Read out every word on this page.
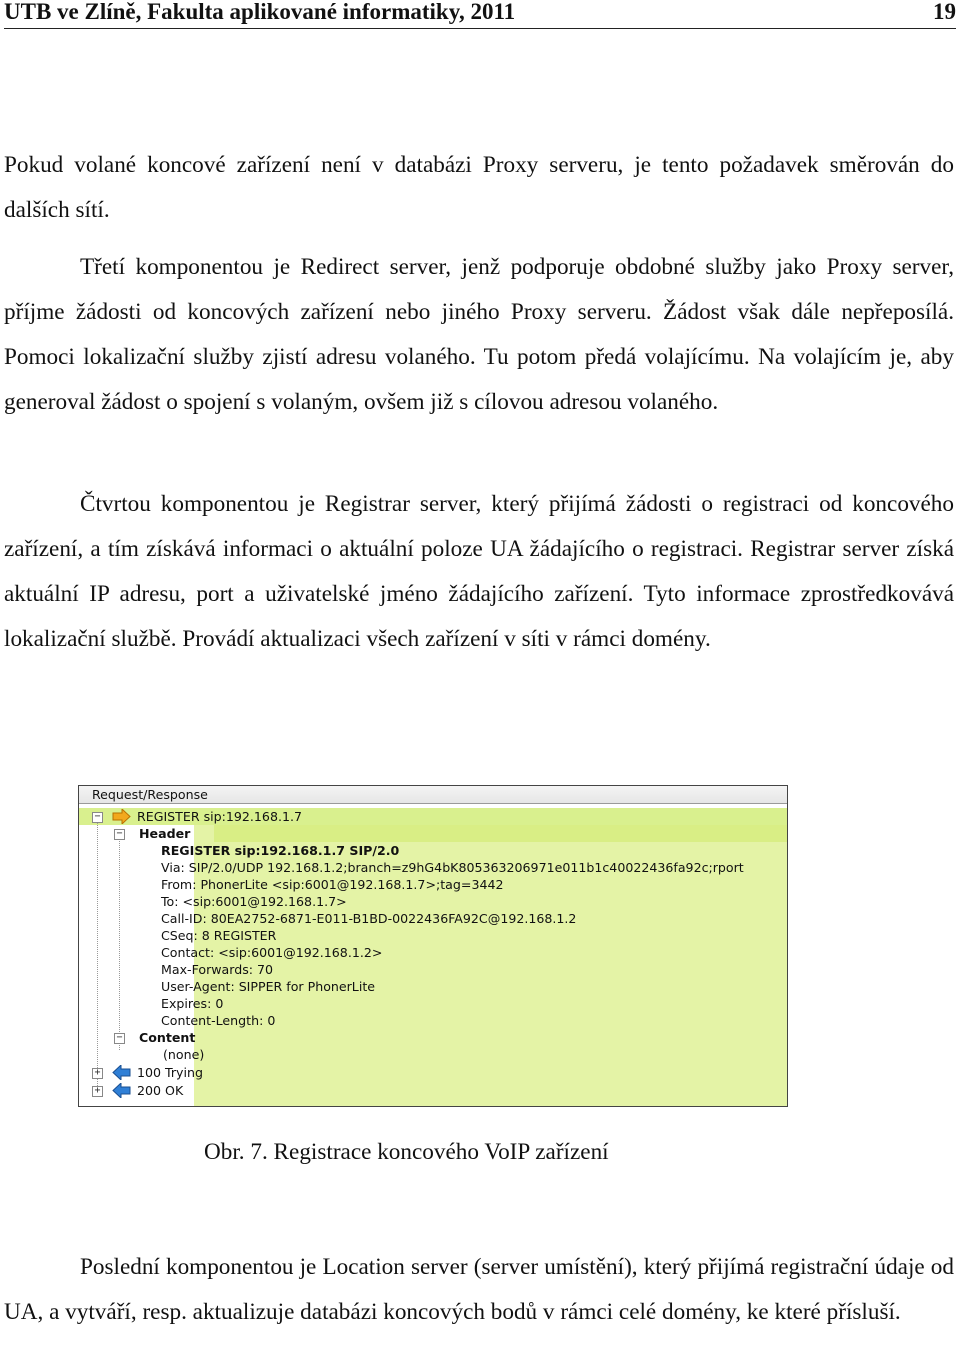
UTB ve Zlíně, Fakulta aplikované informatiky, 2011	19

Pokud volané koncové zařízení není v databázi Proxy serveru, je tento požadavek směrován do dalších sítí.

Třetí komponentou je Redirect server, jenž podporuje obdobné služby jako Proxy server, příjme žádosti od koncových zařízení nebo jiného Proxy serveru. Žádost však dále nepřeposílá. Pomoci lokalizační služby zjistí adresu volaného. Tu potom předá volajícímu. Na volajícím je, aby generoval žádost o spojení s volaným, ovšem již s cílovou adresou volaného.

Čtvrtou komponentou je Registrar server, který přijímá žádosti o registraci od koncového zařízení, a tím získává informaci o aktuální poloze UA žádajícího o registraci. Registrar server získá aktuální IP adresu, port a uživatelské jméno žádajícího zařízení. Tyto informace zprostředkovává lokalizační službě. Provádí aktualizaci všech zařízení v síti v rámci domény.

Request/Response
−	REGISTER sip:192.168.1.7
− Header
REGISTER sip:192.168.1.7 SIP/2.0
Via: SIP/2.0/UDP 192.168.1.2;branch=z9hG4bK805363206971e011b1c40022436fa92c;rport
From: PhonerLite <sip:6001@192.168.1.7>;tag=3442
To: <sip:6001@192.168.1.7>
Call-ID: 80EA2752-6871-E011-B1BD-0022436FA92C@192.168.1.2
CSeq: 8 REGISTER
Contact: <sip:6001@192.168.1.2>
Max-Forwards: 70
User-Agent: SIPPER for PhonerLite
Expires: 0
Content-Length: 0
− Content
(none)
+	100 Trying
+	200 OK
Obr. 7. Registrace koncového VoIP zařízení

Poslední komponentou je Location server (server umístění), který přijímá registrační údaje od UA, a vytváří, resp. aktualizuje databázi koncových bodů v rámci celé domény, ke které přísluší.
